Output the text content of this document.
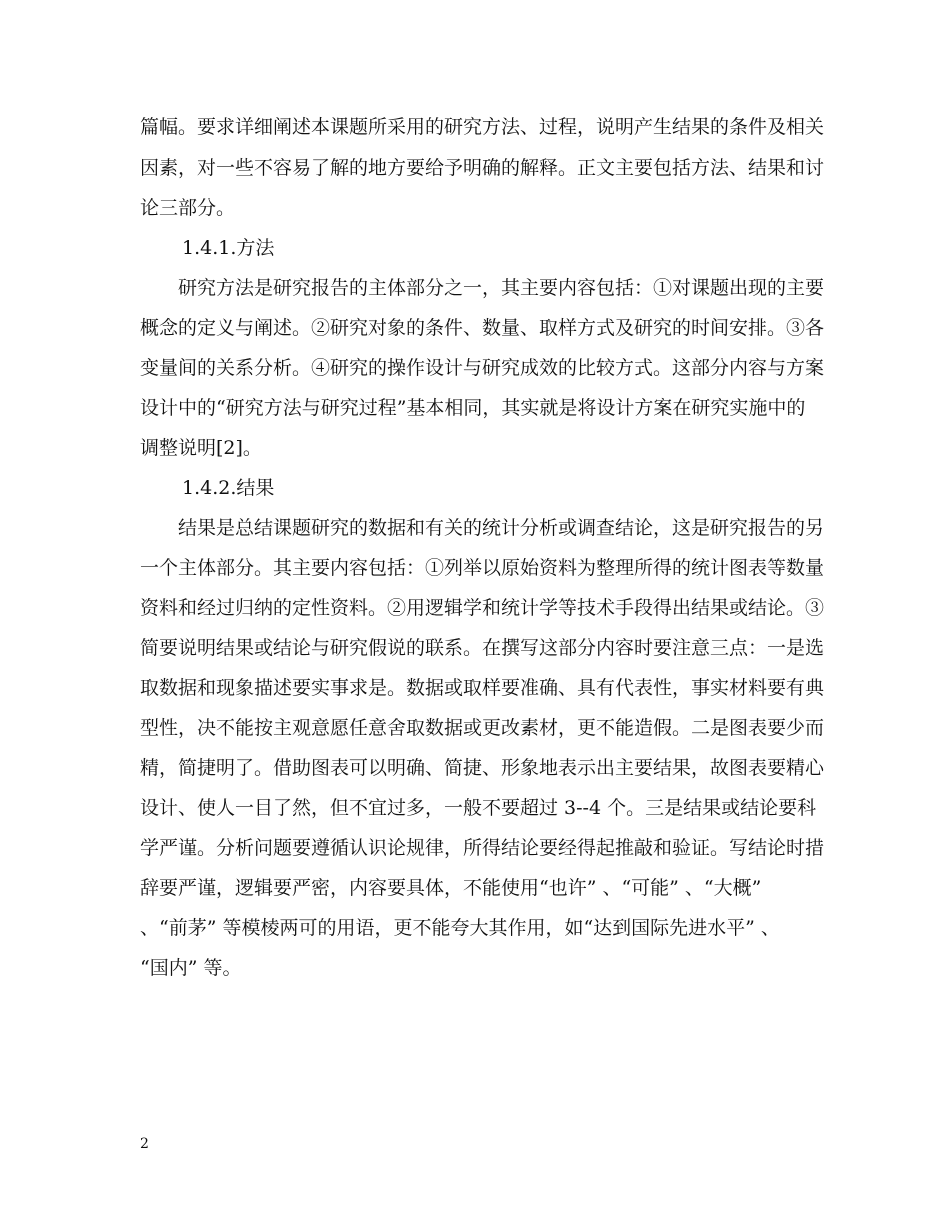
篇幅。要求详细阐述本课题所采用的研究方法、过程，说明产生结果的条件及相关
因素，对一些不容易了解的地方要给予明确的解释。正文主要包括方法、结果和讨
论三部分。
1.4.1.方法
研究方法是研究报告的主体部分之一，其主要内容包括：①对课题出现的主要
概念的定义与阐述。②研究对象的条件、数量、取样方式及研究的时间安排。③各
变量间的关系分析。④研究的操作设计与研究成效的比较方式。这部分内容与方案
设计中的“研究方法与研究过程”基本相同，其实就是将设计方案在研究实施中的
调整说明[2]。
1.4.2.结果
结果是总结课题研究的数据和有关的统计分析或调查结论，这是研究报告的另
一个主体部分。其主要内容包括：①列举以原始资料为整理所得的统计图表等数量
资料和经过归纳的定性资料。②用逻辑学和统计学等技术手段得出结果或结论。③
简要说明结果或结论与研究假说的联系。在撰写这部分内容时要注意三点：一是选
取数据和现象描述要实事求是。数据或取样要准确、具有代表性，事实材料要有典
型性，决不能按主观意愿任意舍取数据或更改素材，更不能造假。二是图表要少而
精，简捷明了。借助图表可以明确、简捷、形象地表示出主要结果，故图表要精心
设计、使人一目了然，但不宜过多，一般不要超过 3--4 个。三是结果或结论要科
学严谨。分析问题要遵循认识论规律，所得结论要经得起推敲和验证。写结论时措
辞要严谨，逻辑要严密，内容要具体，不能使用“也许” 、“可能” 、“大概”
、“前茅” 等模棱两可的用语，更不能夸大其作用，如“达到国际先进水平” 、
“国内” 等。
2
